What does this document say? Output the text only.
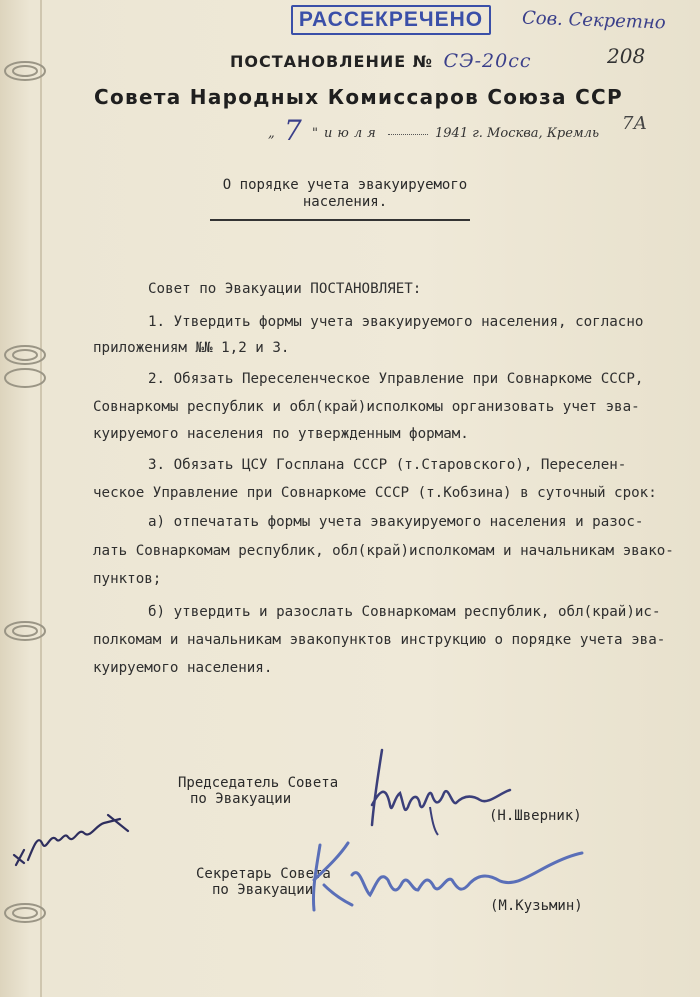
РАССЕКРЕЧЕНО	Сов. Секретно
208
7А
ПОСТАНОВЛЕНИЕ № СЭ-20сс
Совета Народных Комиссаров Союза ССР
„ 7 " июля	1941 г. Москва, Кремль
О порядке учета эвакуируемого населения.
Совет по Эвакуации ПОСТАНОВЛЯЕТ:
1. Утвердить формы учета эвакуируемого населения, согласно
приложениям №№ 1,2 и 3.
2. Обязать Переселенческое Управление при Совнаркоме СССР,
Совнаркомы республик и обл(край)исполкомы организовать учет эва-
куируемого населения по утвержденным формам.
3. Обязать ЦСУ Госплана СССР (т.Старовского), Переселен-
ческое Управление при Совнаркоме СССР (т.Кобзина) в суточный срок:
а) отпечатать формы учета эвакуируемого населения и разос-
лать Совнаркомам республик, обл(край)исполкомам и начальникам эвако-
пунктов;
б) утвердить и разослать Совнаркомам республик, обл(край)ис-
полкомам и начальникам эвакопунктов инструкцию о порядке учета эва-
куируемого населения.
Председатель Совета
по Эвакуации
(Н.Шверник)
Секретарь Совета
по Эвакуации
(М.Кузьмин)
